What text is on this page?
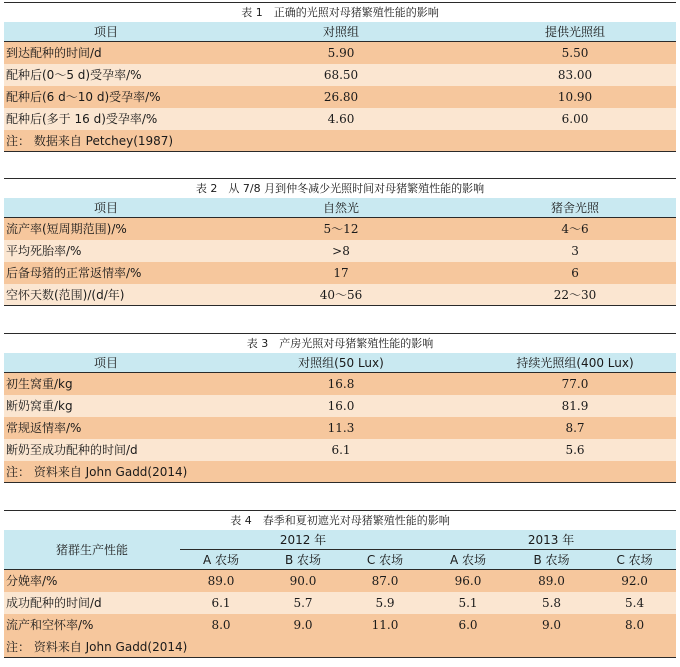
表 1　正确的光照对母猪繁殖性能的影响		
项目	对照组	提供光照组
到达配种的时间/d	5.90	5.50
配种后(0～5 d)受孕率/%	68.50	83.00
配种后(6 d～10 d)受孕率/%	26.80	10.90
配种后(多于 16 d)受孕率/%	4.60	6.00
注： 数据来自 Petchey(1987)		
表 2　从 7/8 月到仲冬减少光照时间对母猪繁殖性能的影响		
项目	自然光	猪舍光照
流产率(短周期范围)/%	5～12	4～6
平均死胎率/%	>8	3
后备母猪的正常返情率/%	17	6
空怀天数(范围)/(d/年)	40～56	22～30
表 3　产房光照对母猪繁殖性能的影响		
项目	对照组(50 Lux)	持续光照组(400 Lux)
初生窝重/kg	16.8	77.0
断奶窝重/kg	16.0	81.9
常规返情率/%	11.3	8.7
断奶至成功配种的时间/d	6.1	5.6
注： 资料来自 John Gadd(2014)		
表 4　春季和夏初遮光对母猪繁殖性能的影响						
猪群生产性能	2012 年			2013 年		
	A 农场	B 农场	C 农场	A 农场	B 农场	C 农场
分娩率/%	89.0	90.0	87.0	96.0	89.0	92.0
成功配种的时间/d	6.1	5.7	5.9	5.1	5.8	5.4
流产和空怀率/%	8.0	9.0	11.0	6.0	9.0	8.0
注： 资料来自 John Gadd(2014)						
